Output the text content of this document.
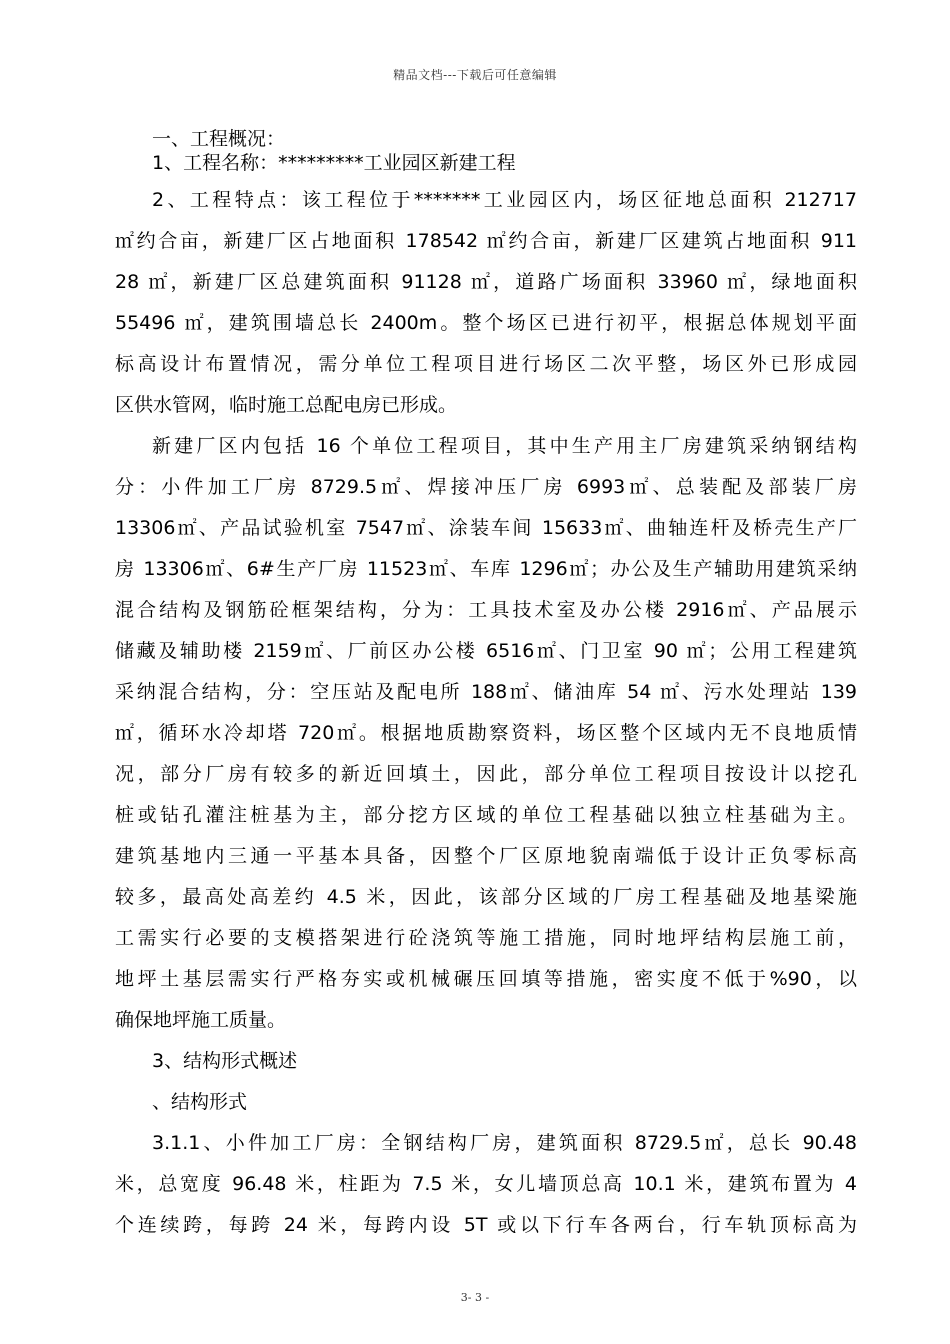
精品文档---下载后可任意编辑
一、工程概况：
1、工程名称：*********工业园区新建工程
2、工程特点：该工程位于*******工业园区内，场区征地总面积 212717
㎡约合亩，新建厂区占地面积 178542 ㎡约合亩，新建厂区建筑占地面积 911
28 ㎡，新建厂区总建筑面积 91128 ㎡，道路广场面积 33960 ㎡，绿地面积
55496 ㎡，建筑围墙总长 2400m。整个场区已进行初平，根据总体规划平面
标高设计布置情况，需分单位工程项目进行场区二次平整，场区外已形成园
区供水管网，临时施工总配电房已形成。
新建厂区内包括 16 个单位工程项目，其中生产用主厂房建筑采纳钢结构
分：小件加工厂房 8729.5㎡、焊接冲压厂房 6993㎡、总装配及部装厂房
13306㎡、产品试验机室 7547㎡、涂装车间 15633㎡、曲轴连杆及桥壳生产厂
房 13306㎡、6#生产厂房 11523㎡、车库 1296㎡；办公及生产辅助用建筑采纳
混合结构及钢筋砼框架结构，分为：工具技术室及办公楼 2916㎡、产品展示
储藏及辅助楼 2159㎡、厂前区办公楼 6516㎡、门卫室 90 ㎡；公用工程建筑
采纳混合结构，分：空压站及配电所 188㎡、储油库 54 ㎡、污水处理站 139
㎡，循环水冷却塔 720㎡。根据地质勘察资料，场区整个区域内无不良地质情
况，部分厂房有较多的新近回填土，因此，部分单位工程项目按设计以挖孔
桩或钻孔灌注桩基为主，部分挖方区域的单位工程基础以独立柱基础为主。
建筑基地内三通一平基本具备，因整个厂区原地貌南端低于设计正负零标高
较多，最高处高差约 4.5 米，因此，该部分区域的厂房工程基础及地基梁施
工需实行必要的支模搭架进行砼浇筑等施工措施，同时地坪结构层施工前，
地坪土基层需实行严格夯实或机械碾压回填等措施，密实度不低于%90，以
确保地坪施工质量。
3、结构形式概述
、结构形式
3.1.1、小件加工厂房：全钢结构厂房，建筑面积 8729.5㎡，总长 90.48
米，总宽度 96.48 米，柱距为 7.5 米，女儿墙顶总高 10.1 米，建筑布置为 4
个连续跨，每跨 24 米，每跨内设 5T 或以下行车各两台，行车轨顶标高为
3- 3 -
